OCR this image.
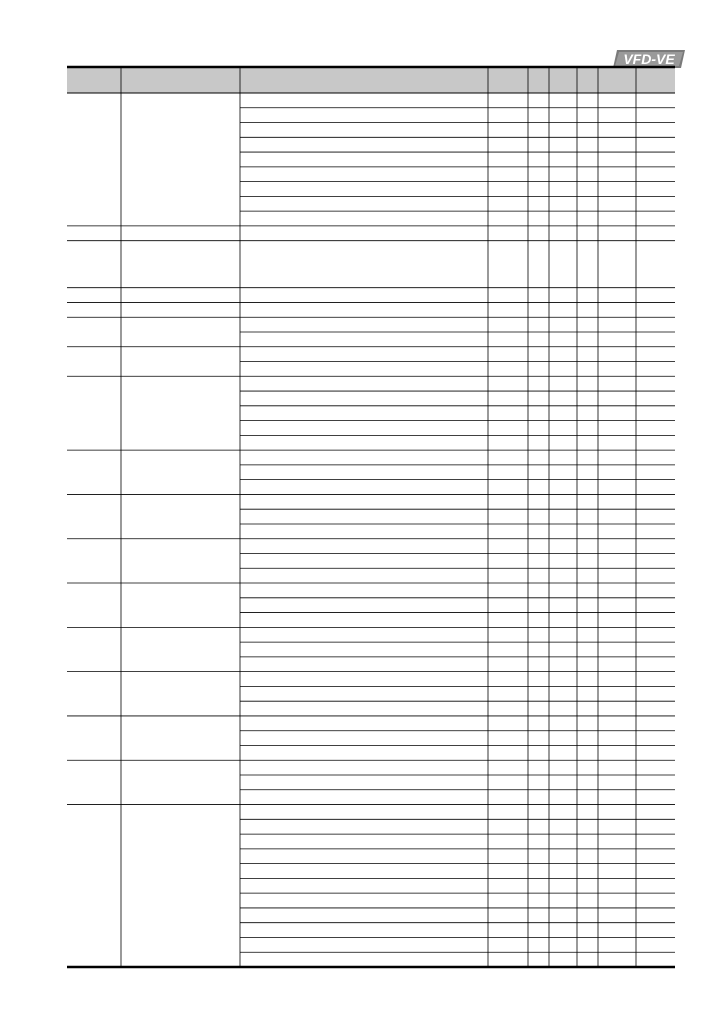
VFD-VE
